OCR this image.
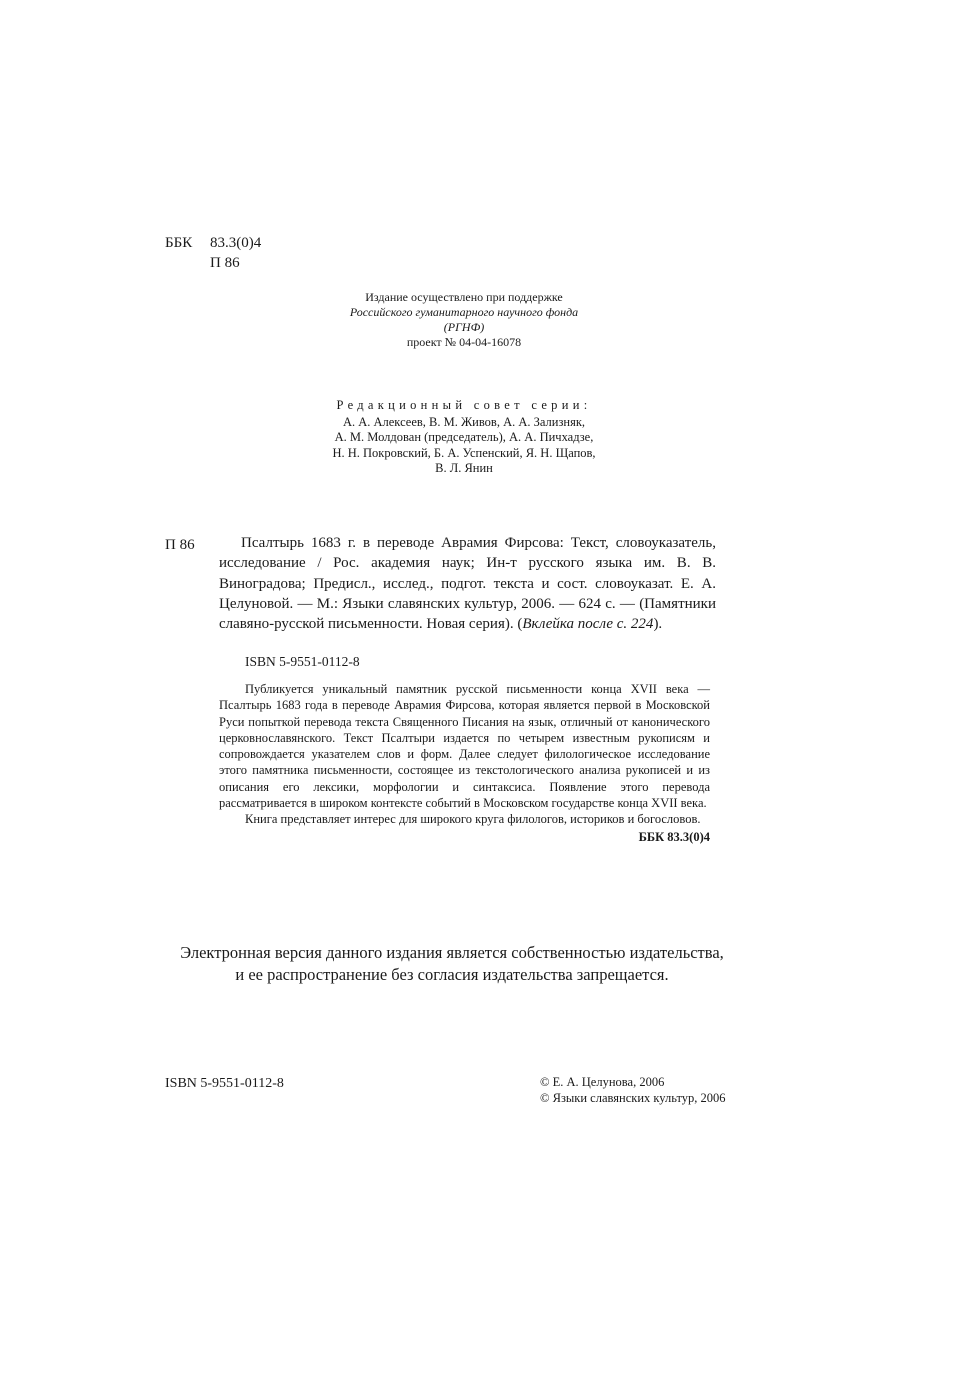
ББК 83.3(0)4
П 86
Издание осуществлено при поддержке
Российского гуманитарного научного фонда
(РГНФ)
проект № 04-04-16078
Редакционный совет серии:
А. А. Алексеев, В. М. Живов, А. А. Зализняк,
А. М. Молдован (председатель), А. А. Пичхадзе,
Н. Н. Покровский, Б. А. Успенский, Я. Н. Щапов,
В. Л. Янин
П 86	Псалтырь 1683 г. в переводе Аврамия Фирсова: Текст, словоуказатель, исследование / Рос. академия наук; Ин-т русского языка им. В. В. Виноградова; Предисл., исслед., подгот. текста и сост. словоуказат. Е. А. Целуновой. — М.: Языки славянских культур, 2006. — 624 с. — (Памятники славяно-русской письменности. Новая серия). (Вклейка после с. 224).
ISBN 5-9551-0112-8

Публикуется уникальный памятник русской письменности конца XVII века — Псалтырь 1683 года в переводе Аврамия Фирсова, которая является первой в Московской Руси попыткой перевода текста Священного Писания на язык, отличный от канонического церковнославянского. Текст Псалтыри издается по четырем известным рукописям и сопровождается указателем слов и форм. Далее следует филологическое исследование этого памятника письменности, состоящее из текстологического анализа рукописей и из описания его лексики, морфологии и синтаксиса. Появление этого перевода рассматривается в широком контексте событий в Московском государстве конца XVII века.

Книга представляет интерес для широкого круга филологов, историков и богословов.

ББК 83.3(0)4

Электронная версия данного издания является собственностью издательства,
и ее распространение без согласия издательства запрещается.
ISBN 5-9551-0112-8	© Е. А. Целунова, 2006
© Языки славянских культур, 2006
